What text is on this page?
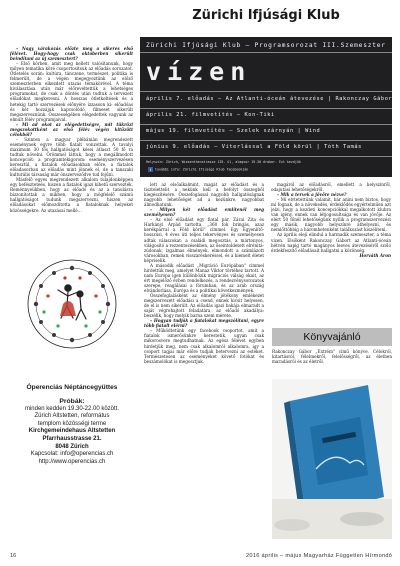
Zürichi Ifjúsági Klub
Zürichi Ifjúsági Klub – Programsorozat III.Szemeszter
vízen
április 7. előadás – Az Atlanti-óceán átevezése | Rakonczay Gábor
április 21. filmvetítés – Kon-Tiki
május 19. filmvetítés – Szelek szárnyán | Wind
június 9. előadás – Viterlással a Föld körül | Tóth Tamás
Helyszín: Zürich, Wiesenthenstrasse 135. ül, alagsor 19.30 órakor. Ezt kezdjük
f további info: Zürichi Ifjúsági Klub facebookján

– Nagy várakozás előzte meg a sikeres első félévet. Hogy-hogy csak októberben sikerült beindítani az új szemesztert?

– Első körben, amit meg kellett valósítanunk, hogy milyen tematika köré csoportosítsuk az előadás sorozatot. Ötletelés során: kultúra, tánczene, természet, politika is felmerült, de a végén megegyeztünk az előző szemeszterben elkezdett utazás témakörével. A téma kiválasztása után már előreveltettük a lehetséges programokat, de csak a döntés után tudtuk a tervezett előadókat megkeresni. A hosszas ötletkeltések és a hetekig tartó szervezések előnyére ízzasson ki: előadóas és két hozzájuk kapcsolódó, filmeset sikerült megszerveznünk. Összességében elégedettek vagyunk az elmúlt félév programjaival.

– Mi ad okot az elégedettségre, mit tükrözi megszokottként az első félév végén kitűzött célokból?

– Szinten a magyar plébánián megrendezett eseménynek egyre több fiatalt vonzottak. A tavalyi maximum 30 fős hallgatóságot kései átlaszt 50 fő ra tudtuk növelni. Örömmel láttuk, hogy a megállmodott koncepciót: a programtekigorom: eseményszervezésen keresztül, a fiatalok előadásokban előre, a fiatalok előadasorban az előadás mint jönnek el, de a tanszaki kulturális társaság már önszerveződve tud fejűni.

Másfelõ egyes megrendezett alkalom tulajdonképpen egy befészteteés, hiszen a fiatalok igazi kibetű szervezték. Reménnyeükben, hogy az előadó és az a tanulásra bízzonítottak a mikben, hogy a mögfelelő számú hallgatóságot tudunk megszervezni, hiszen az előadásokat előmozdította a fiataloknak helyeket közösségekre. Az utazásai mellé…

lett az elsőalkalmint, magát az előadást és a tisztelettelit a nekünk kell a befolyt összegből kiegészítésére. Összefogással nagyobb hallgatóságnak nagyobb lehetőséget ad a kezünkre, nagyobbat álmodhatunk.

– Milyen két előadást említenél meg személyesen?

– Az első előadást egy fiatal pár, Zárai Zita és Harkányi Árpád tartotta, „360 fok bringás, azaz kerékpárral a Föld körül" címmel. Egy Egyenlítő-hosszúsi, 4 éves úti teljes tekervényes és személyesen adtak válaszokat: a családi megosztás, a mártonyos, világosító a rezzentezésekben, az őseintoldetett elrénitá-zúdonak, izgalmas élmények, elmondott a számlázott városokban, remek visszaréskeréssel, és a kiemelt életet képviselik.

A második előadást „Migráció Európában" címmel hirdettük meg, amelyet Manaz Viktor törtéhez tartott. A nam Európa igen különbözik migrációs válság okait, az ért megelőző évben rendelkezés, a rendezvénysorozatok szerepe, reagálásai a fórumban, és az arab ország elvándorlása, Európa és a politikai következmények.

Összefoglalásként az élmény jótékony emlékezet megszervezett előadási a csend, ennek kicsit helyesen, de el is nem sikerült. Az előadás igazi bakája elmaradt a saját végrehajtott feladatára, az előadó akadálya: beszélik, hogy melyik barna szem mérete.

– Hogyan tudják a fiatalokat megszólítani, egyre több fiatalt elérni?

– Működtetünk egy facebook csoportot, amit a fiatalok ismerősünkre kerestetik, ugyan csak mikorosvere megtudhatnak. Az egész félévet egyben hirdetjük meg, nem csak alkalomról alkalomra, igy a csoport tagjai már előre tudjak betervezni az estéket. Természetesen az eseményeket követő fotókat és beszámolókat is megosztjuk.

magáról az előadásról, emellett a helyszínről, odajutási lehetőségekről.

– Mik a tervek a jövőre nézve?

– Mi elvtetettünk valamit, bár anini nem biztos, hogy mi fognak, de a növekedés, érdeklődés egyértelműen azt jelzi, hogy a kezdeti koncepciókkal megalkotott klubra van igény, ennek van létjogosultsága és van jövője. Az elért 50 főnél lehetőségünk nyílik a programszervezést egy másik, nagyobb helyszínre áthelyezni, és nemlőttöbbig a háromhetenként találkozást kiszéliteni.

Az április eleji elindul a harmadik szemeszter, a téma vízen. Elsőként Rakonczay Gábort az Atlanti-óceán hétvén napig tartó magányos leeves átevezéséről szóló érdekfeszítő előadásait hallgatni a közönség.

Horváth Áron

Óperenciás Néptáncegyüttes
Próbák:
minden kedden 19.30-22.00 között.
Zürich Altstetten, református
templom közösségi terme
Kirchgemeindehaus Altstetten
Pfarrhausstrasse 21.
8048 Zürich
Kapcsolat: info@operencias.ch
http://www.operencias.ch
Könyvajánló
Rakonczay Gábor „Extrém" című könyve. Célokról, kitartásról, félelmekről, felelősségről, az életben maradásról és az életről.
16	2016 április – május Magyarház Független Hírmondó
